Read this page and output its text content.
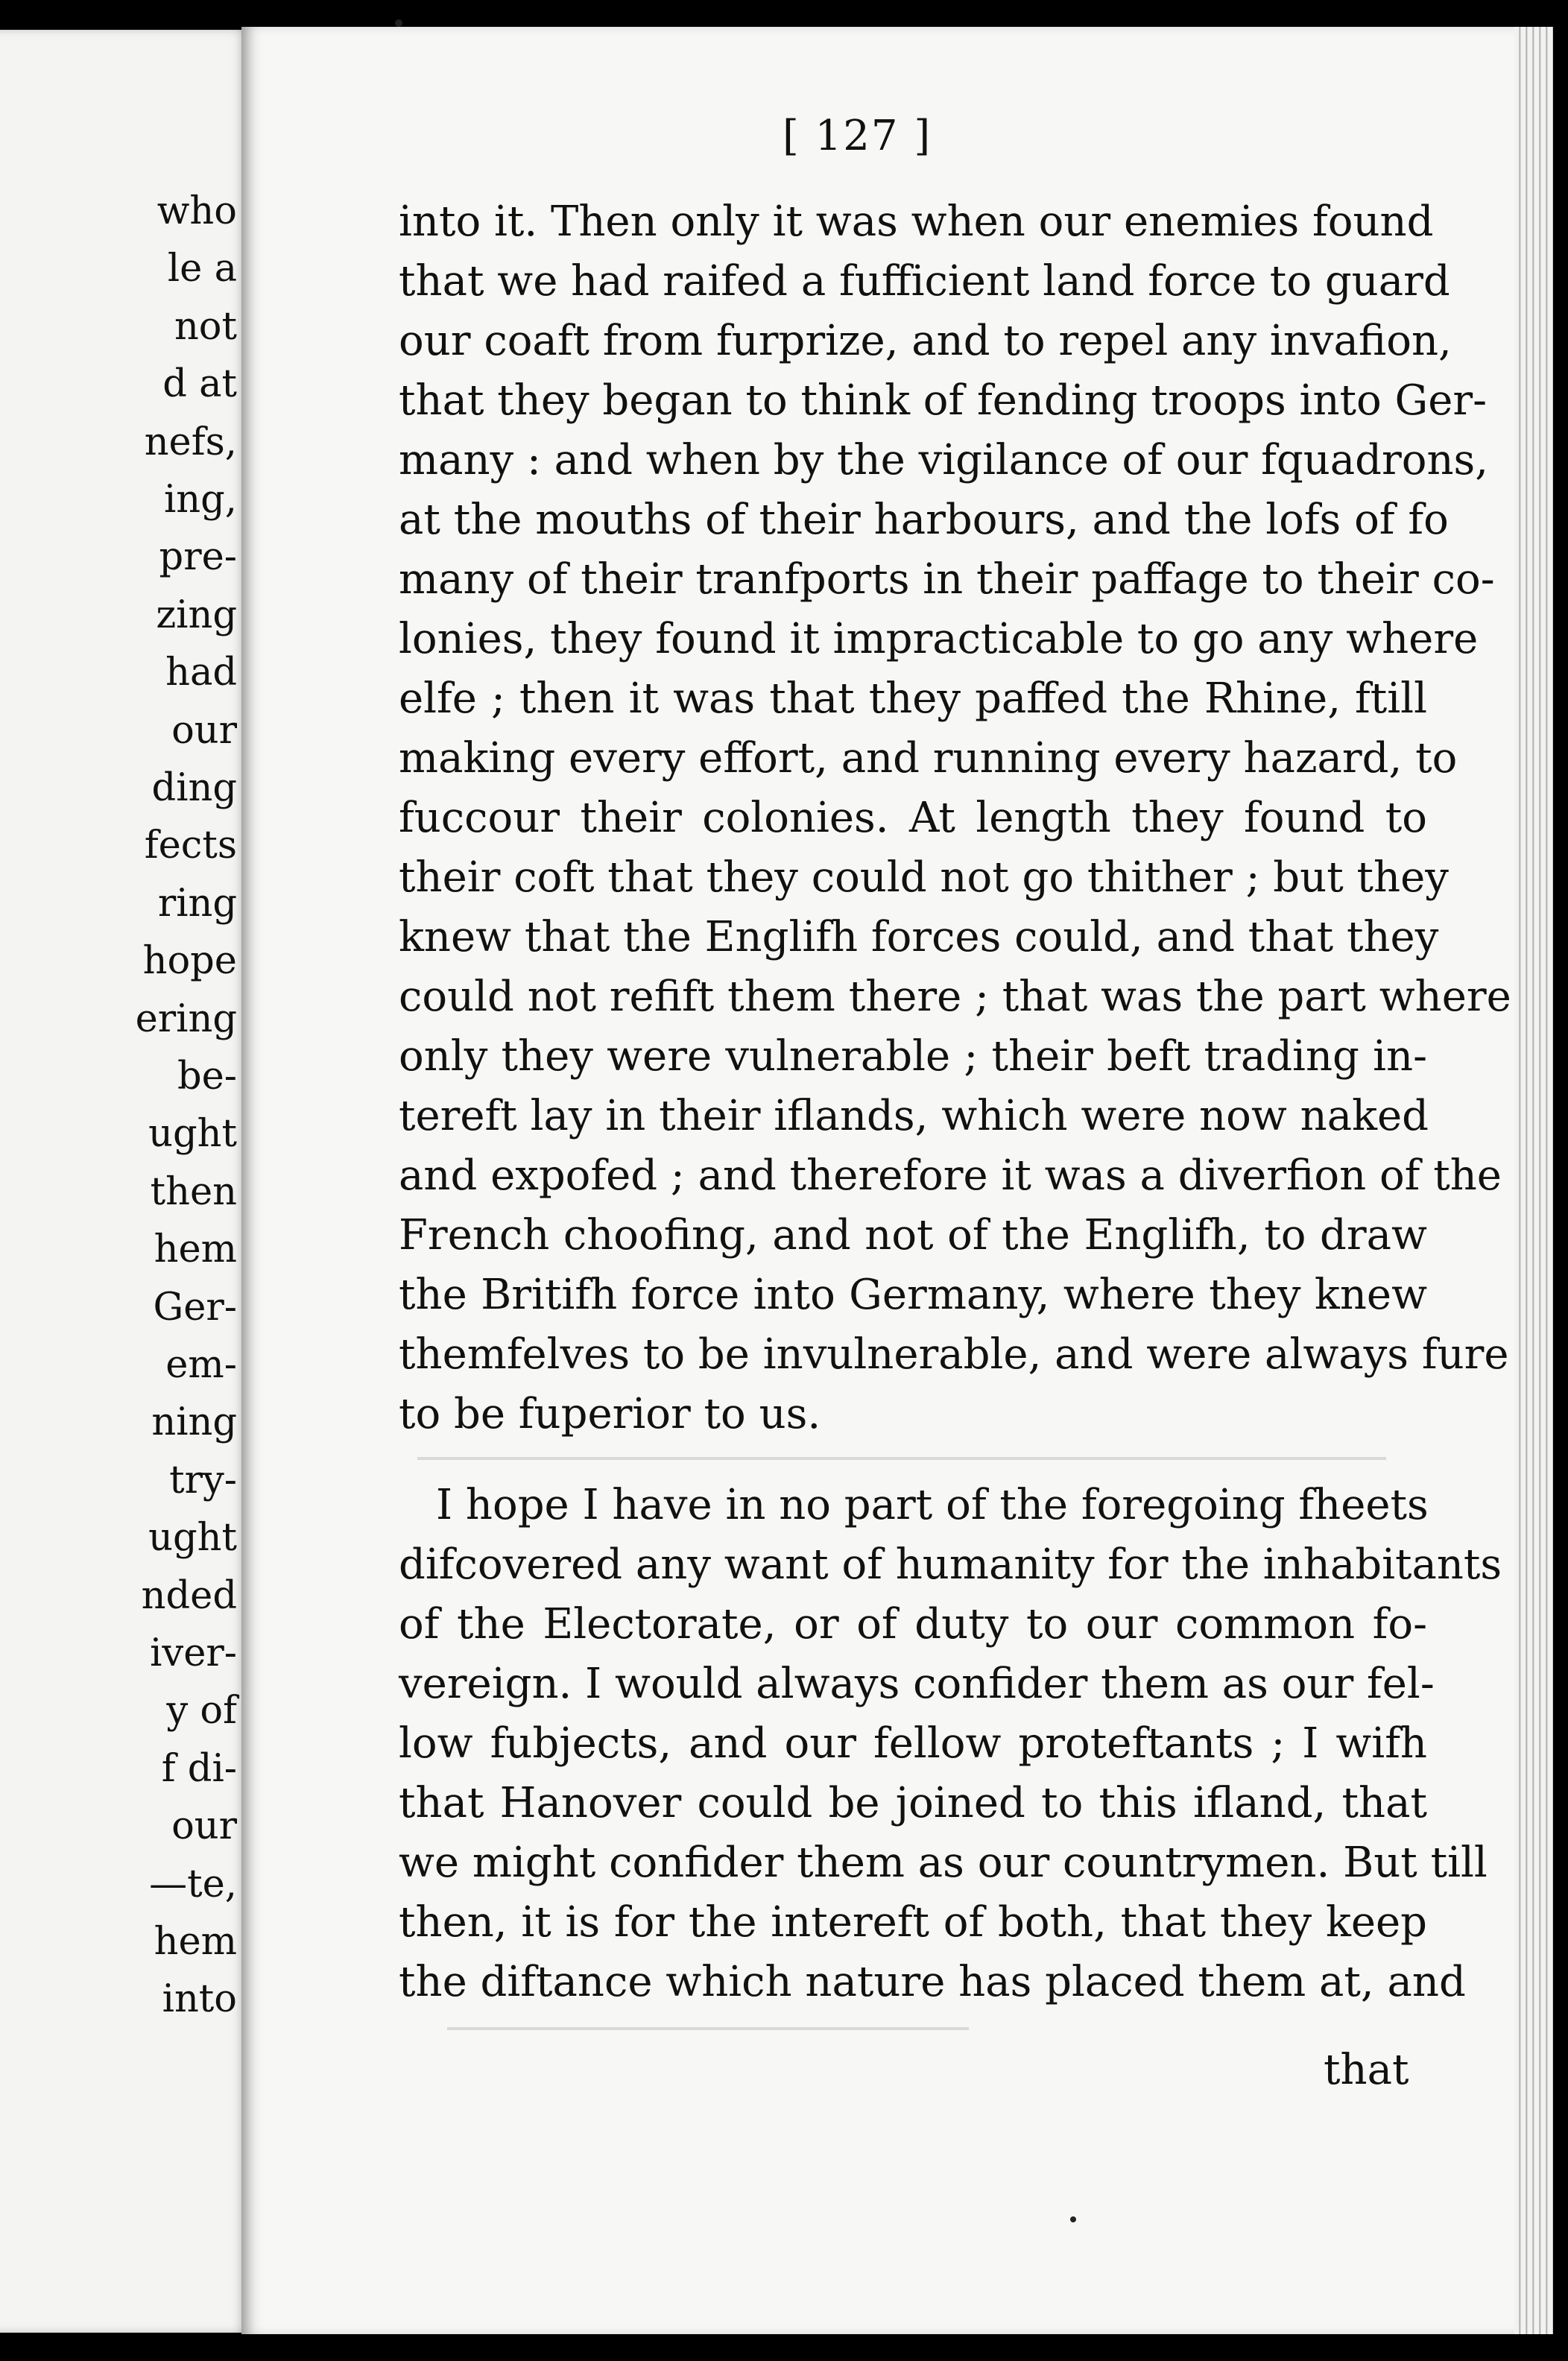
who
le a
not
d at
nefs,
ing,
pre-
zing
had
our
ding
fects
ring
hope
ering
be-
ught
then
hem
Ger-
em-
ning
try-
ught
nded
iver-
y of
f di-
our
—te,
hem
into
[ 127 ]
into it. Then only it was when our enemies found
that we had raifed a fufficient land force to guard
our coaft from furprize, and to repel any invafion,
that they began to think of fending troops into Ger-
many : and when by the vigilance of our fquadrons,
at the mouths of their harbours, and the lofs of fo
many of their tranfports in their paffage to their co-
lonies, they found it impracticable to go any where
elfe ; then it was that they paffed the Rhine, ftill
making every effort, and running every hazard, to
fuccour their colonies. At length they found to
their coft that they could not go thither ; but they
knew that the Englifh forces could, and that they
could not refift them there ; that was the part where
only they were vulnerable ; their beft trading in-
tereft lay in their iflands, which were now naked
and expofed ; and therefore it was a diverfion of the
French choofing, and not of the Englifh, to draw
the Britifh force into Germany, where they knew
themfelves to be invulnerable, and were always fure
to be fuperior to us.
I hope I have in no part of the foregoing fheets
difcovered any want of humanity for the inhabitants
of the Electorate, or of duty to our common fo-
vereign. I would always confider them as our fel-
low fubjects, and our fellow proteftants ; I wifh
that Hanover could be joined to this ifland, that
we might confider them as our countrymen. But till
then, it is for the intereft of both, that they keep
the diftance which nature has placed them at, and
that
